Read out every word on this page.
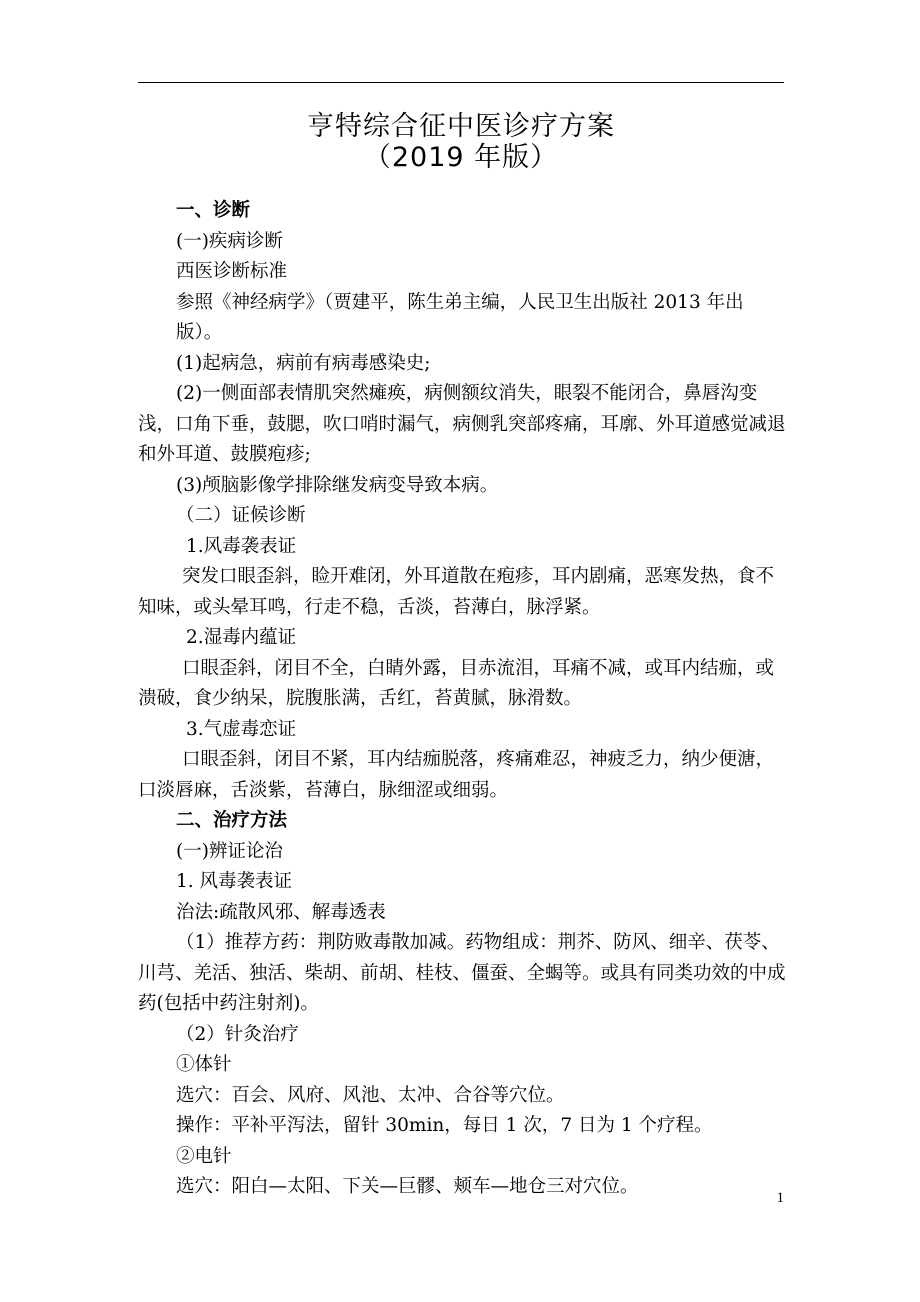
亨特综合征中医诊疗方案
（2019 年版）

一、诊断

(一)疾病诊断

西医诊断标准

参照《神经病学》（贾建平，陈生弟主编，人民卫生出版社 2013 年出版）。

(1)起病急，病前有病毒感染史;

(2)一侧面部表情肌突然瘫痪，病侧额纹消失，眼裂不能闭合，鼻唇沟变浅，口角下垂，鼓腮，吹口哨时漏气，病侧乳突部疼痛，耳廓、外耳道感觉减退和外耳道、鼓膜疱疹;

(3)颅脑影像学排除继发病变导致本病。

（二）证候诊断

1.风毒袭表证

突发口眼歪斜，睑开难闭，外耳道散在疱疹，耳内剧痛，恶寒发热，食不知味，或头晕耳鸣，行走不稳，舌淡，苔薄白，脉浮紧。

2.湿毒内蕴证

口眼歪斜，闭目不全，白睛外露，目赤流泪，耳痛不减，或耳内结痂，或溃破，食少纳呆，脘腹胀满，舌红，苔黄腻，脉滑数。

3.气虚毒恋证

口眼歪斜，闭目不紧，耳内结痂脱落，疼痛难忍，神疲乏力，纳少便溏，口淡唇麻，舌淡紫，苔薄白，脉细涩或细弱。

二、治疗方法

(一)辨证论治

1. 风毒袭表证

治法:疏散风邪、解毒透表

（1）推荐方药：荆防败毒散加减。药物组成：荆芥、防风、细辛、茯苓、川芎、羌活、独活、柴胡、前胡、桂枝、僵蚕、全蝎等。或具有同类功效的中成药(包括中药注射剂)。

（2）针灸治疗

①体针

选穴：百会、风府、风池、太冲、合谷等穴位。

操作：平补平泻法，留针 30min，每日 1 次，7 日为 1 个疗程。

②电针

选穴：阳白—太阳、下关—巨髎、颊车—地仓三对穴位。

1
